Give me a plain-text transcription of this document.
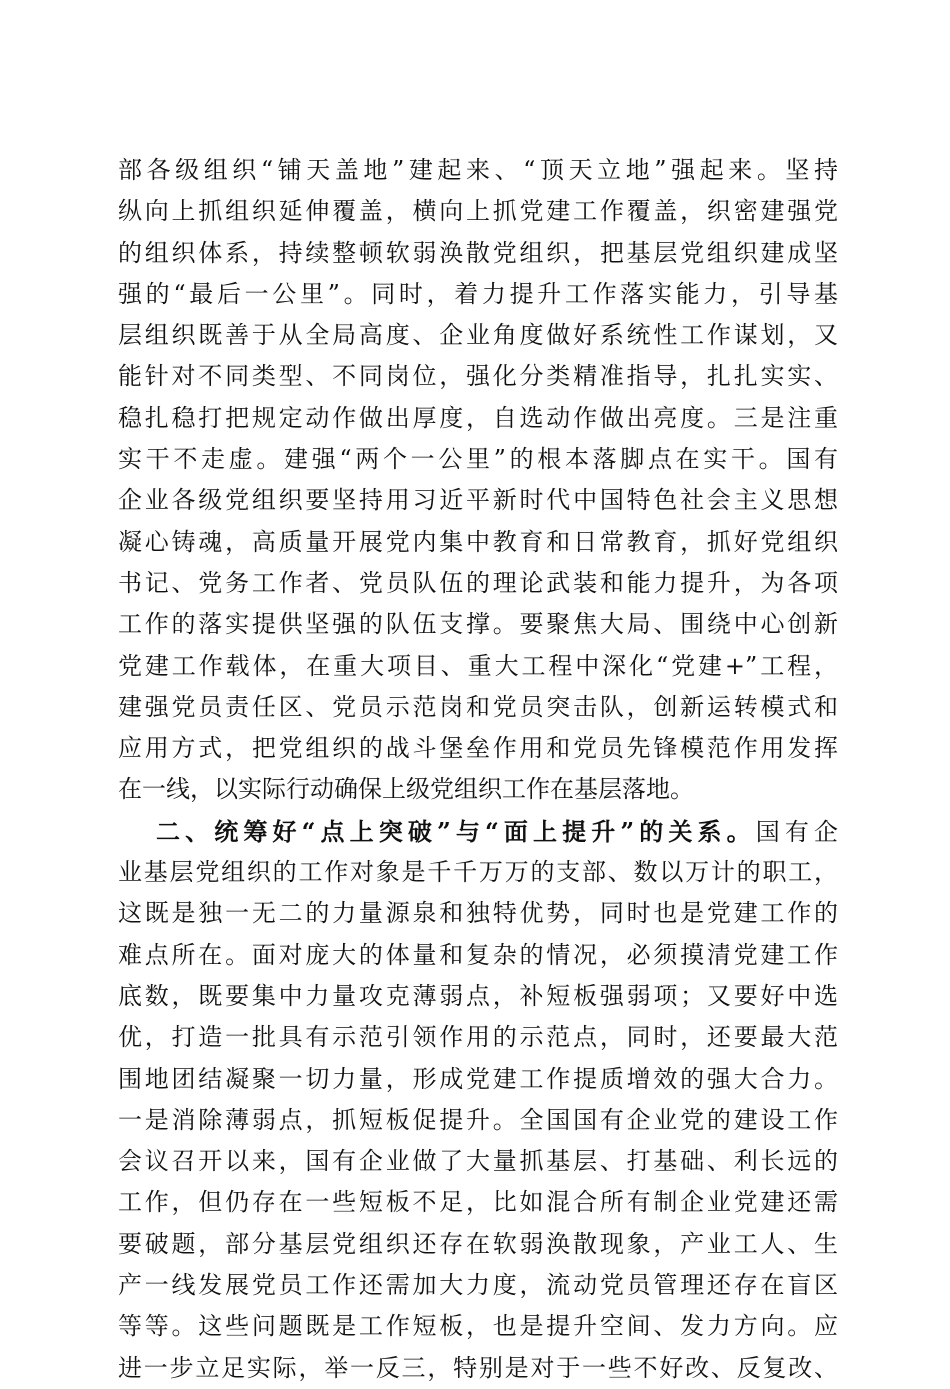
部各级组织“铺天盖地”建起来、“顶天立地”强起来。坚持
纵向上抓组织延伸覆盖，横向上抓党建工作覆盖，织密建强党
的组织体系，持续整顿软弱涣散党组织，把基层党组织建成坚
强的“最后一公里”。同时，着力提升工作落实能力，引导基
层组织既善于从全局高度、企业角度做好系统性工作谋划，又
能针对不同类型、不同岗位，强化分类精准指导，扎扎实实、
稳扎稳打把规定动作做出厚度，自选动作做出亮度。三是注重
实干不走虚。建强“两个一公里”的根本落脚点在实干。国有
企业各级党组织要坚持用习近平新时代中国特色社会主义思想
凝心铸魂，高质量开展党内集中教育和日常教育，抓好党组织
书记、党务工作者、党员队伍的理论武装和能力提升，为各项
工作的落实提供坚强的队伍支撑。要聚焦大局、围绕中心创新
党建工作载体，在重大项目、重大工程中深化“党建+”工程，
建强党员责任区、党员示范岗和党员突击队，创新运转模式和
应用方式，把党组织的战斗堡垒作用和党员先锋模范作用发挥
在一线，以实际行动确保上级党组织工作在基层落地。
二、统筹好“点上突破”与“面上提升”的关系。国有企
业基层党组织的工作对象是千千万万的支部、数以万计的职工，
这既是独一无二的力量源泉和独特优势，同时也是党建工作的
难点所在。面对庞大的体量和复杂的情况，必须摸清党建工作
底数，既要集中力量攻克薄弱点，补短板强弱项；又要好中选
优，打造一批具有示范引领作用的示范点，同时，还要最大范
围地团结凝聚一切力量，形成党建工作提质增效的强大合力。
一是消除薄弱点，抓短板促提升。全国国有企业党的建设工作
会议召开以来，国有企业做了大量抓基层、打基础、利长远的
工作，但仍存在一些短板不足，比如混合所有制企业党建还需
要破题，部分基层党组织还存在软弱涣散现象，产业工人、生
产一线发展党员工作还需加大力度，流动党员管理还存在盲区
等等。这些问题既是工作短板，也是提升空间、发力方向。应
进一步立足实际，举一反三，特别是对于一些不好改、反复改、
